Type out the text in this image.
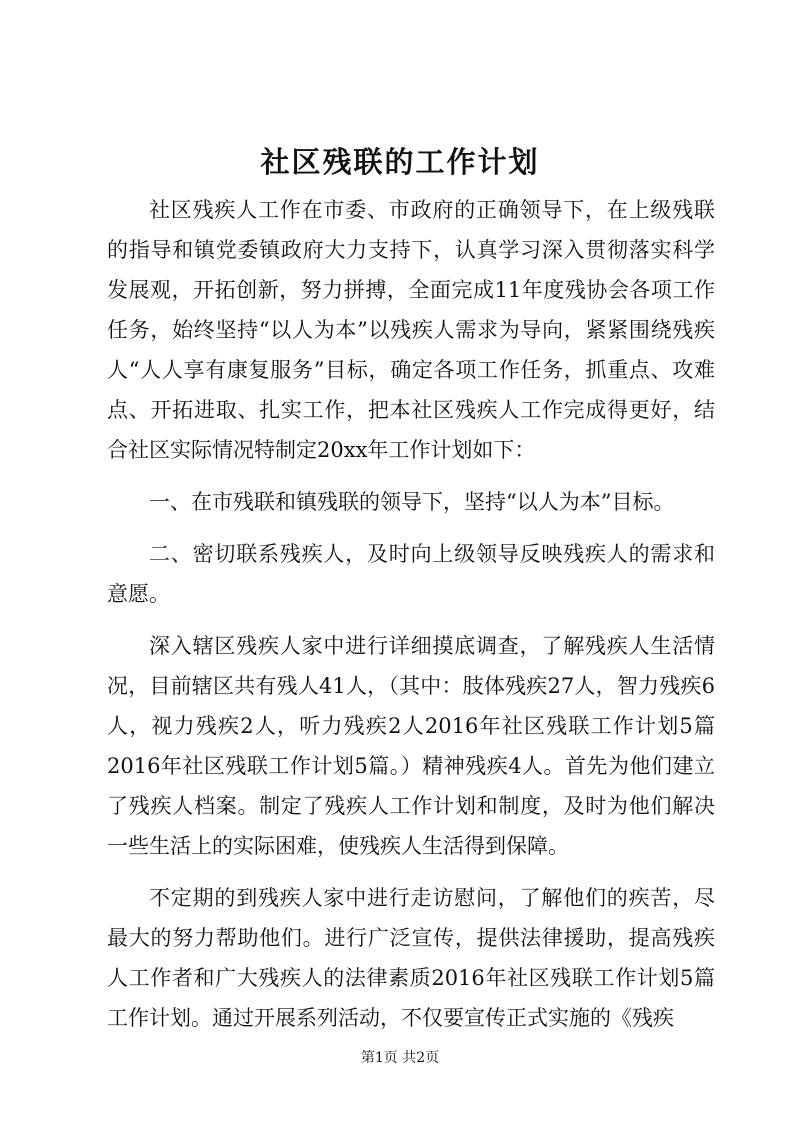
社区残联的工作计划

社区残疾人工作在市委、市政府的正确领导下，在上级残联的指导和镇党委镇政府大力支持下，认真学习深入贯彻落实科学发展观，开拓创新，努力拼搏，全面完成11年度残协会各项工作任务，始终坚持“以人为本”以残疾人需求为导向，紧紧围绕残疾人“人人享有康复服务”目标，确定各项工作任务，抓重点、攻难点、开拓进取、扎实工作，把本社区残疾人工作完成得更好，结合社区实际情况特制定20xx年工作计划如下：

一、在市残联和镇残联的领导下，坚持“以人为本”目标。

二、密切联系残疾人，及时向上级领导反映残疾人的需求和意愿。

深入辖区残疾人家中进行详细摸底调查，了解残疾人生活情况，目前辖区共有残人41人，（其中：肢体残疾27人，智力残疾6人，视力残疾2人，听力残疾2人2016年社区残联工作计划5篇2016年社区残联工作计划5篇。）精神残疾4人。首先为他们建立了残疾人档案。制定了残疾人工作计划和制度，及时为他们解决一些生活上的实际困难，使残疾人生活得到保障。

不定期的到残疾人家中进行走访慰问，了解他们的疾苦，尽最大的努力帮助他们。进行广泛宣传，提供法律援助，提高残疾人工作者和广大残疾人的法律素质2016年社区残联工作计划5篇工作计划。通过开展系列活动，不仅要宣传正式实施的《残疾

第1页 共2页
